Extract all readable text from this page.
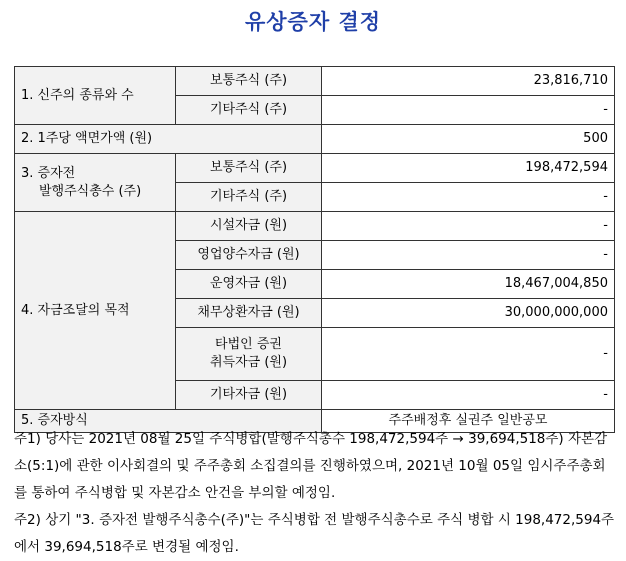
유상증자 결정
1. 신주의 종류와 수	보통주식 (주)	23,816,710
	기타주식 (주)	-
2. 1주당 액면가액 (원)		500

3. 증자전
발행주식총수 (주)	보통주식 (주)	198,472,594
	기타주식 (주)	-
4. 자금조달의 목적	시설자금 (원)	-
	영업양수자금 (원)	-
	운영자금 (원)	18,467,004,850
	채무상환자금 (원)	30,000,000,000

	타법인 증권
취득자금 (원)	-
	기타자금 (원)	-
5. 증자방식		주주배정후 실권주 일반공모

주1) 당사는 2021년 08월 25일 주식병합(발행주식총수 198,472,594주 → 39,694,518주) 자본감소(5:1)에 관한 이사회결의 및 주주총회 소집결의를 진행하였으며, 2021년 10월 05일 임시주주총회를 통하여 주식병합 및 자본감소 안건을 부의할 예정임.

주2) 상기 "3. 증자전 발행주식총수(주)"는 주식병합 전 발행주식총수로 주식 병합 시 198,472,594주에서 39,694,518주로 변경될 예정임.
